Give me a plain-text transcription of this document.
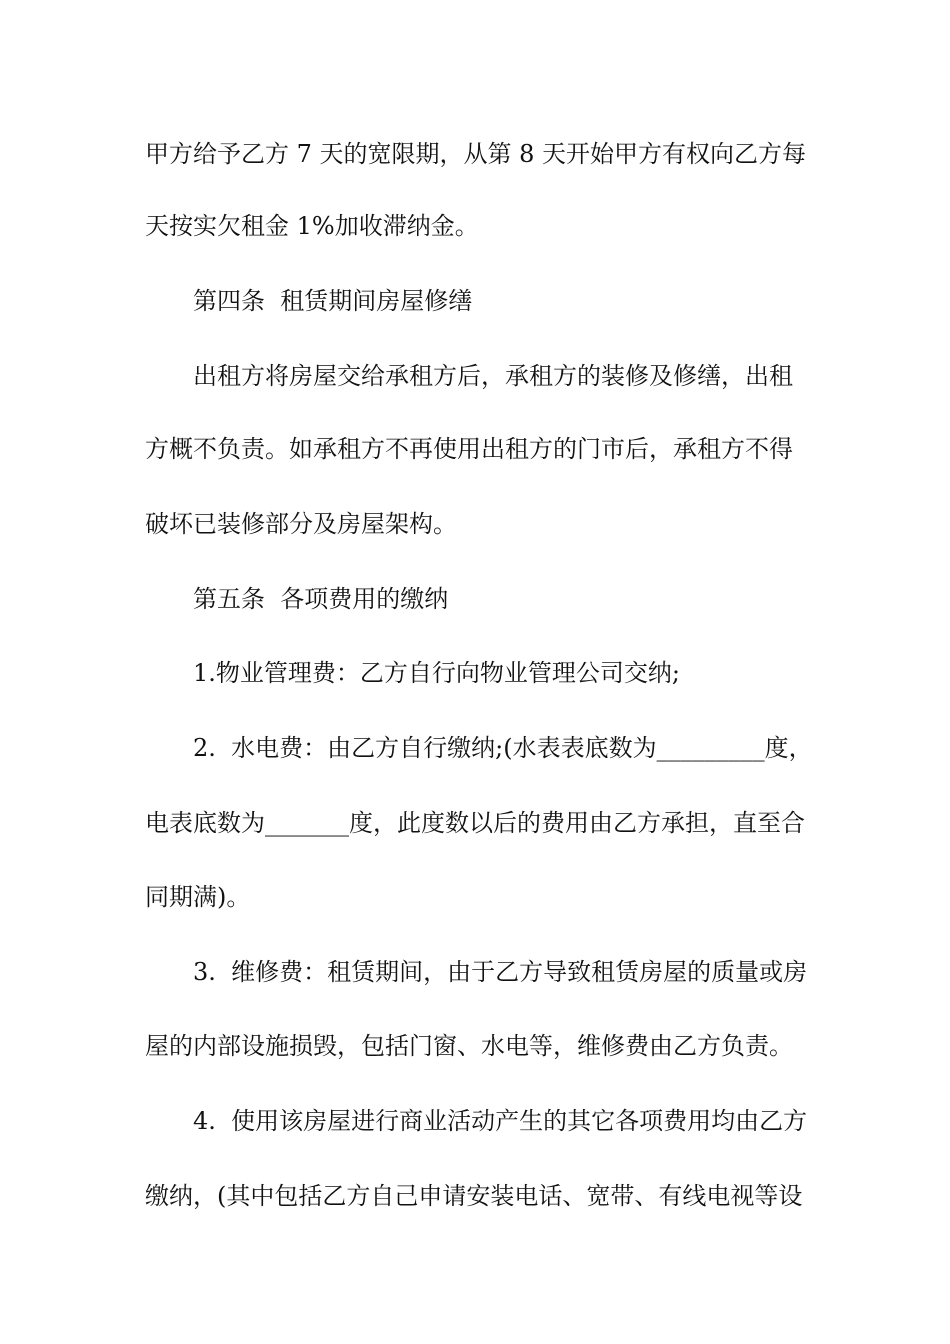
甲方给予乙方 7 天的宽限期，从第 8 天开始甲方有权向乙方每
天按实欠租金 1%加收滞纳金。
第四条  租赁期间房屋修缮
出租方将房屋交给承租方后，承租方的装修及修缮，出租
方概不负责。如承租方不再使用出租方的门市后，承租方不得
破坏已装修部分及房屋架构。
第五条  各项费用的缴纳
1.物业管理费：乙方自行向物业管理公司交纳;
2.  水电费：由乙方自行缴纳;(水表表底数为_________度，
电表底数为_______度，此度数以后的费用由乙方承担，直至合
同期满)。
3.  维修费：租赁期间，由于乙方导致租赁房屋的质量或房
屋的内部设施损毁，包括门窗、水电等，维修费由乙方负责。
4.  使用该房屋进行商业活动产生的其它各项费用均由乙方
缴纳，(其中包括乙方自己申请安装电话、宽带、有线电视等设
